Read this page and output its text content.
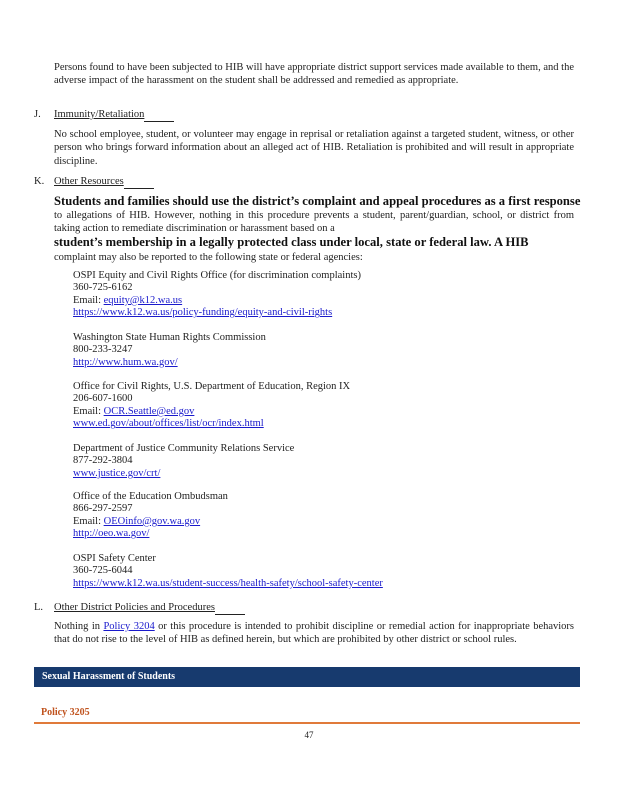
Persons found to have been subjected to HIB will have appropriate district support services made available to them, and the adverse impact of the harassment on the student shall be addressed and remedied as appropriate.
J. Immunity/Retaliation
No school employee, student, or volunteer may engage in reprisal or retaliation against a targeted student, witness, or other person who brings forward information about an alleged act of HIB. Retaliation is prohibited and will result in appropriate discipline.
K. Other Resources
Students and families should use the district’s complaint and appeal procedures as a first response
to allegations of HIB. However, nothing in this procedure prevents a student, parent/guardian, school, or district from taking action to remediate discrimination or harassment based on a
student’s membership in a legally protected class under local, state or federal law. A HIB
complaint may also be reported to the following state or federal agencies:
OSPI Equity and Civil Rights Office (for discrimination complaints)
360-725-6162
Email: equity@k12.wa.us
https://www.k12.wa.us/policy-funding/equity-and-civil-rights
Washington State Human Rights Commission
800-233-3247
http://www.hum.wa.gov/
Office for Civil Rights, U.S. Department of Education, Region IX
206-607-1600
Email: OCR.Seattle@ed.gov
www.ed.gov/about/offices/list/ocr/index.html
Department of Justice Community Relations Service
877-292-3804
www.justice.gov/crt/
Office of the Education Ombudsman
866-297-2597
Email: OEOinfo@gov.wa.gov
http://oeo.wa.gov/
OSPI Safety Center
360-725-6044
https://www.k12.wa.us/student-success/health-safety/school-safety-center
L. Other District Policies and Procedures
Nothing in Policy 3204 or this procedure is intended to prohibit discipline or remedial action for inappropriate behaviors that do not rise to the level of HIB as defined herein, but which are prohibited by other district or school rules.
Sexual Harassment of Students
Policy 3205
47
